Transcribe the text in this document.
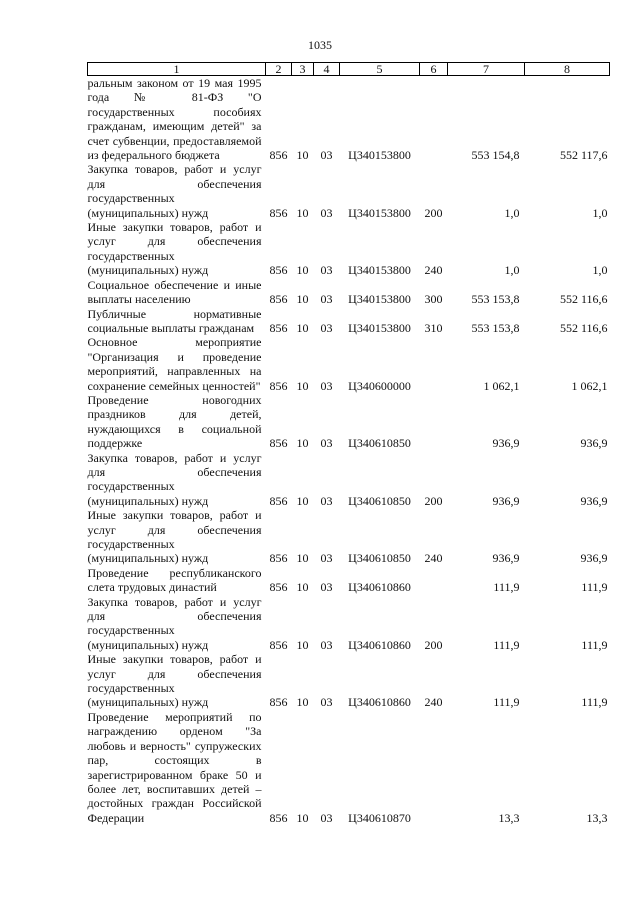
1035
1	2	3	4	5	6	7	8
ральным законом от 19 мая 1995 года № 81-ФЗ "О государственных пособиях гражданам, имеющим детей" за счет субвенции, предоставляемой из федерального бюджета	856	10	03	Ц340153800		553 154,8	552 117,6
Закупка товаров, работ и услуг для обеспечения государственных (муниципальных) нужд	856	10	03	Ц340153800	200	1,0	1,0
Иные закупки товаров, работ и услуг для обеспечения государственных (муниципальных) нужд	856	10	03	Ц340153800	240	1,0	1,0
Социальное обеспечение и иные выплаты населению	856	10	03	Ц340153800	300	553 153,8	552 116,6
Публичные нормативные социальные выплаты гражданам	856	10	03	Ц340153800	310	553 153,8	552 116,6
Основное мероприятие "Организация и проведение мероприятий, направленных на сохранение семейных ценностей"	856	10	03	Ц340600000		1 062,1	1 062,1
Проведение новогодних праздников для детей, нуждающихся в социальной поддержке	856	10	03	Ц340610850		936,9	936,9
Закупка товаров, работ и услуг для обеспечения государственных (муниципальных) нужд	856	10	03	Ц340610850	200	936,9	936,9
Иные закупки товаров, работ и услуг для обеспечения государственных (муниципальных) нужд	856	10	03	Ц340610850	240	936,9	936,9
Проведение республиканского слета трудовых династий	856	10	03	Ц340610860		111,9	111,9
Закупка товаров, работ и услуг для обеспечения государственных (муниципальных) нужд	856	10	03	Ц340610860	200	111,9	111,9
Иные закупки товаров, работ и услуг для обеспечения государственных (муниципальных) нужд	856	10	03	Ц340610860	240	111,9	111,9
Проведение мероприятий по награждению орденом "За любовь и верность" супружеских пар, состоящих в зарегистрированном браке 50 и более лет, воспитавших детей – достойных граждан Российской Федерации	856	10	03	Ц340610870		13,3	13,3
